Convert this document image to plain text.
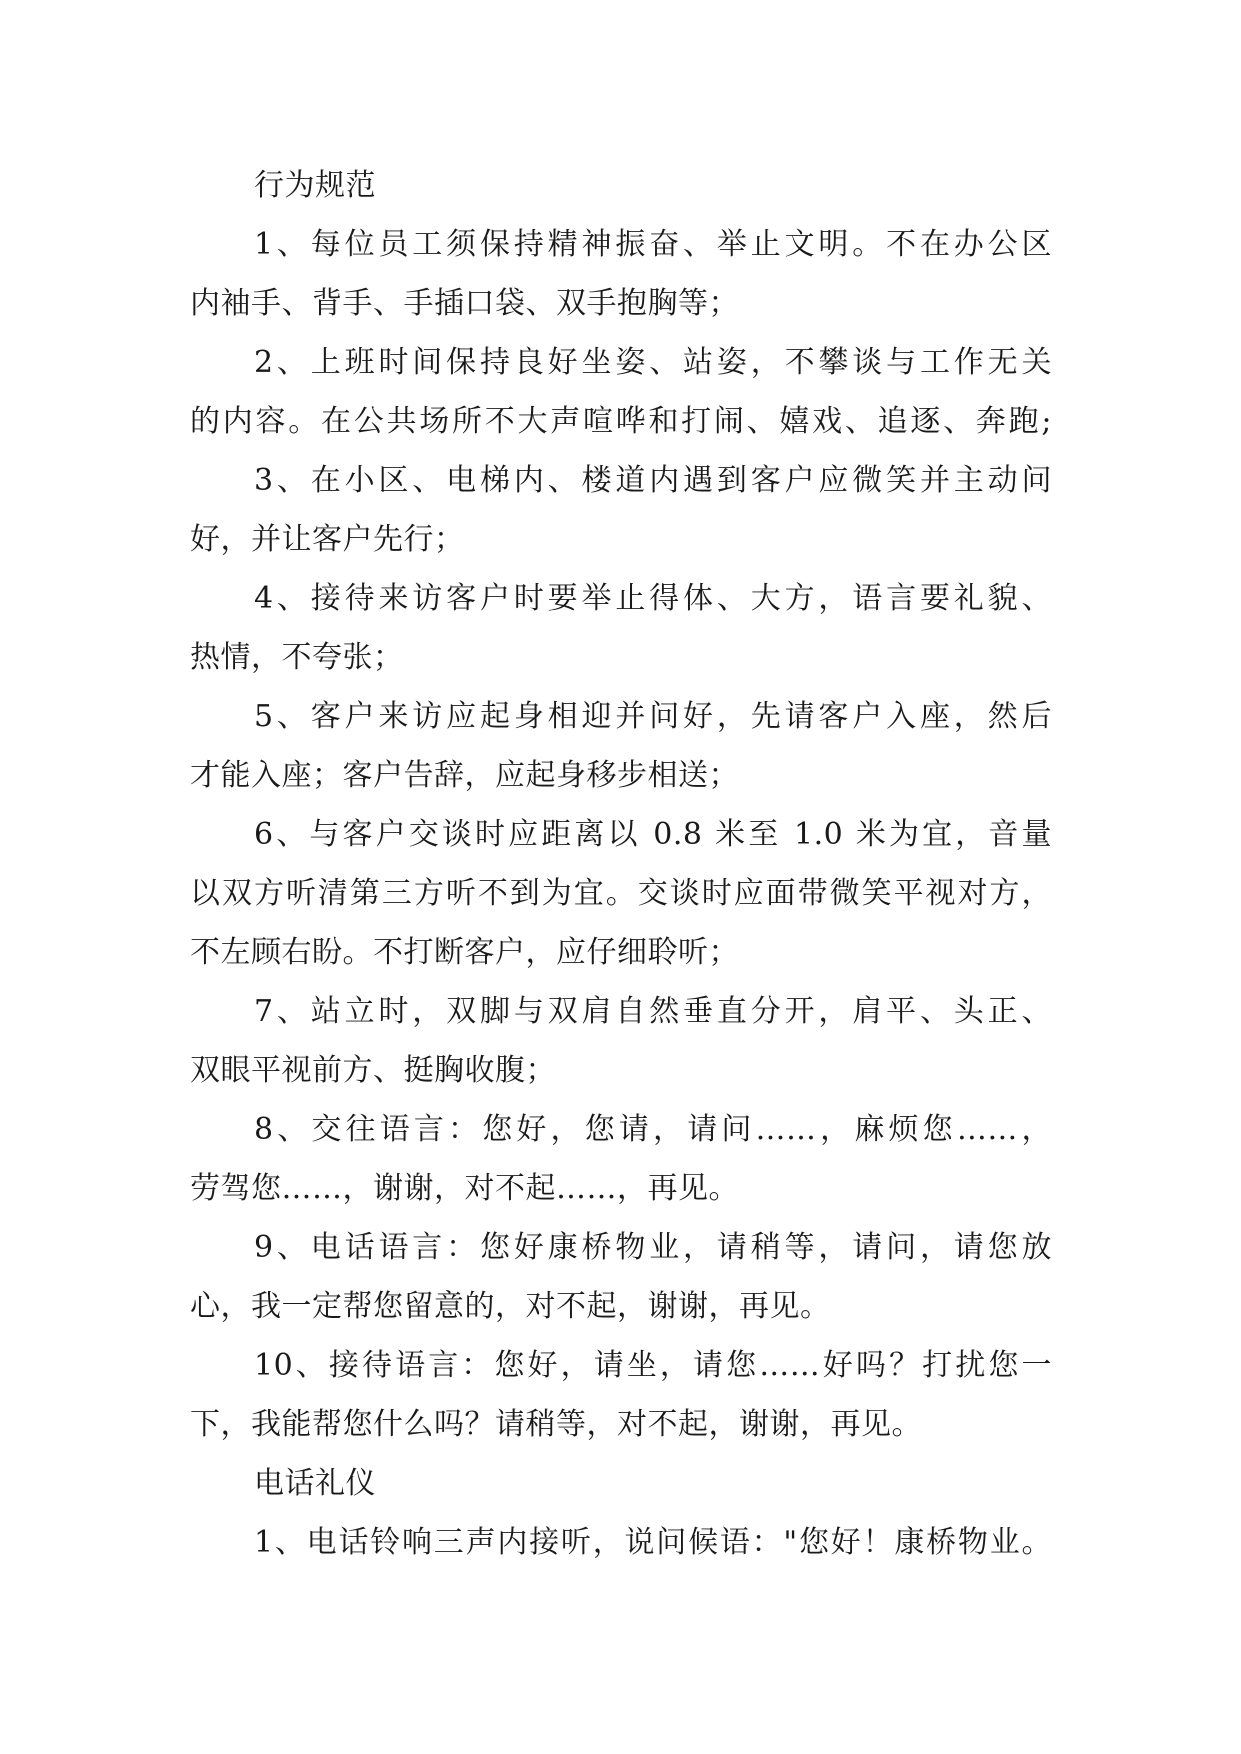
行为规范
1、每位员工须保持精神振奋、举止文明。不在办公区
内袖手、背手、手插口袋、双手抱胸等；
2、上班时间保持良好坐姿、站姿，不攀谈与工作无关
的内容。在公共场所不大声喧哗和打闹、嬉戏、追逐、奔跑;
3、在小区、电梯内、楼道内遇到客户应微笑并主动问
好，并让客户先行；
4、接待来访客户时要举止得体、大方，语言要礼貌、
热情，不夸张；
5、客户来访应起身相迎并问好，先请客户入座，然后
才能入座；客户告辞，应起身移步相送；
6、与客户交谈时应距离以 0.8 米至 1.0 米为宜，音量
以双方听清第三方听不到为宜。交谈时应面带微笑平视对方，
不左顾右盼。不打断客户，应仔细聆听；
7、站立时，双脚与双肩自然垂直分开，肩平、头正、
双眼平视前方、挺胸收腹；
8、交往语言：您好，您请，请问……，麻烦您……，
劳驾您……，谢谢，对不起……，再见。
9、电话语言：您好康桥物业，请稍等，请问，请您放
心，我一定帮您留意的，对不起，谢谢，再见。
10、接待语言：您好，请坐，请您……好吗？打扰您一
下，我能帮您什么吗？请稍等，对不起，谢谢，再见。
电话礼仪
1、电话铃响三声内接听，说问候语："您好！康桥物业。
